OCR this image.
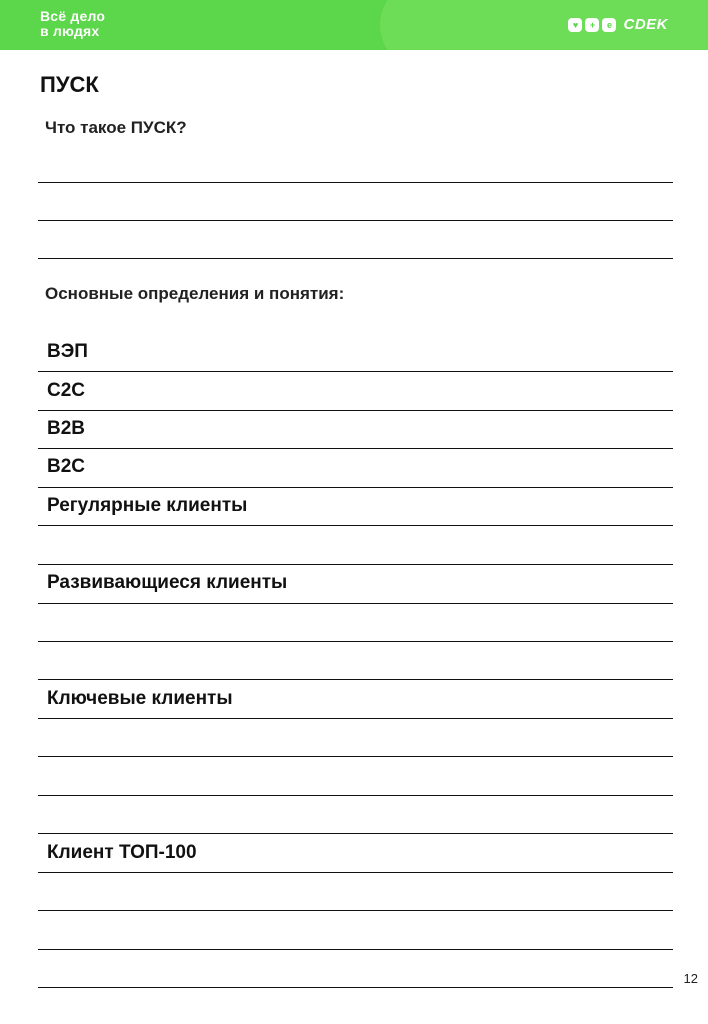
Всё дело
в людях	♥	+	e CDEK
ПУСК
Что такое ПУСК?
Основные определения и понятия:
ВЭП
C2C
B2B
B2C
Регулярные клиенты
Развивающиеся клиенты
Ключевые клиенты
Клиент ТОП-100
12
